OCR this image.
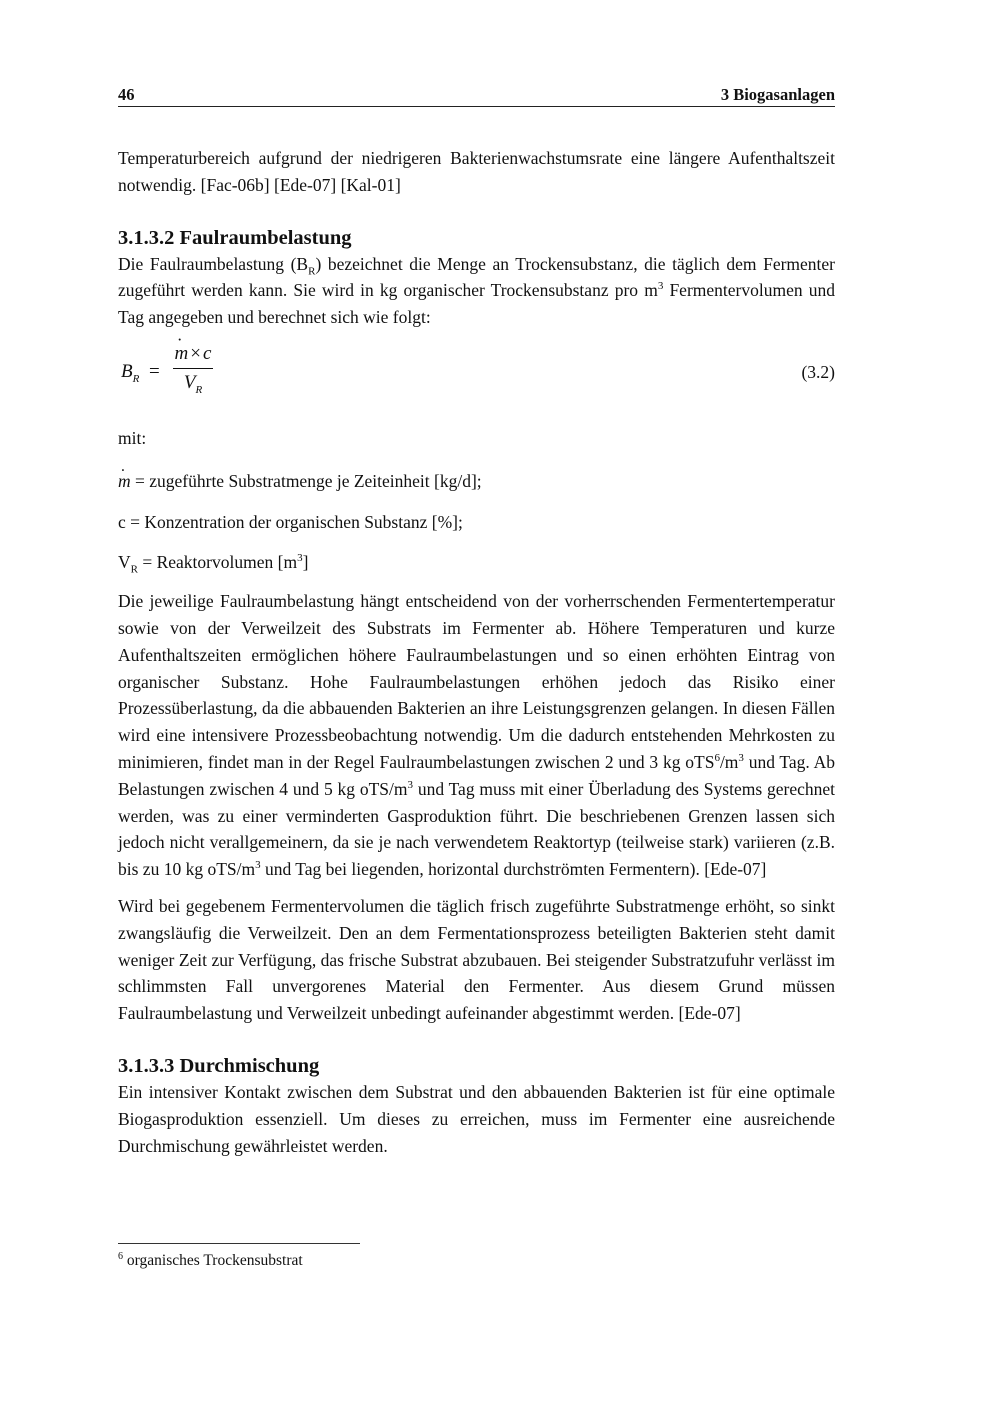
46	3 Biogasanlagen

Temperaturbereich aufgrund der niedrigeren Bakterienwachstumsrate eine längere Aufenthaltszeit notwendig. [Fac-06b] [Ede-07] [Kal-01]

3.1.3.2 Faulraumbelastung

Die Faulraumbelastung $(B_R)$ bezeichnet die Menge an Trockensubstanz, die täglich dem Fermenter zugeführt werden kann. Sie wird in kg organischer Trockensubstanz pro $m^3$ Fermentervolumen und Tag angegeben und berechnet sich wie folgt:

$B_R$ =
˙ m × c
$V_R$
(3.2)

mit:

˙ m = zugeführte Substratmenge je Zeiteinheit [kg/d];

c = Konzentration der organischen Substanz [%];

$V_R$ = Reaktorvolumen $[m^3]$

Die jeweilige Faulraumbelastung hängt entscheidend von der vorherrschenden Fermentertemperatur sowie von der Verweilzeit des Substrats im Fermenter ab. Höhere Temperaturen und kurze Aufenthaltszeiten ermöglichen höhere Faulraumbelastungen und so einen erhöhten Eintrag von organischer Substanz. Hohe Faulraumbelastungen erhöhen jedoch das Risiko einer Prozessüberlastung, da die abbauenden Bakterien an ihre Leistungsgrenzen gelangen. In diesen Fällen wird eine intensivere Prozessbeobachtung notwendig. Um die dadurch entstehenden Mehrkosten zu minimieren, findet man in der Regel Faulraumbelastungen zwischen 2 und 3 kg $oTS^6/m^3$ und Tag. Ab Belastungen zwischen 4 und 5 kg oTS/$m^3$ und Tag muss mit einer Überladung des Systems gerechnet werden, was zu einer verminderten Gasproduktion führt. Die beschriebenen Grenzen lassen sich jedoch nicht verallgemeinern, da sie je nach verwendetem Reaktortyp (teilweise stark) variieren (z.B. bis zu 10 kg oTS/$m^3$ und Tag bei liegenden, horizontal durchströmten Fermentern). [Ede-07]

Wird bei gegebenem Fermentervolumen die täglich frisch zugeführte Substratmenge erhöht, so sinkt zwangsläufig die Verweilzeit. Den an dem Fermentationsprozess beteiligten Bakterien steht damit weniger Zeit zur Verfügung, das frische Substrat abzubauen. Bei steigender Substratzufuhr verlässt im schlimmsten Fall unvergorenes Material den Fermenter. Aus diesem Grund müssen Faulraumbelastung und Verweilzeit unbedingt aufeinander abgestimmt werden. [Ede-07]

3.1.3.3 Durchmischung

Ein intensiver Kontakt zwischen dem Substrat und den abbauenden Bakterien ist für eine optimale Biogasproduktion essenziell. Um dieses zu erreichen, muss im Fermenter eine ausreichende Durchmischung gewährleistet werden.

$^6$ organisches Trockensubstrat
